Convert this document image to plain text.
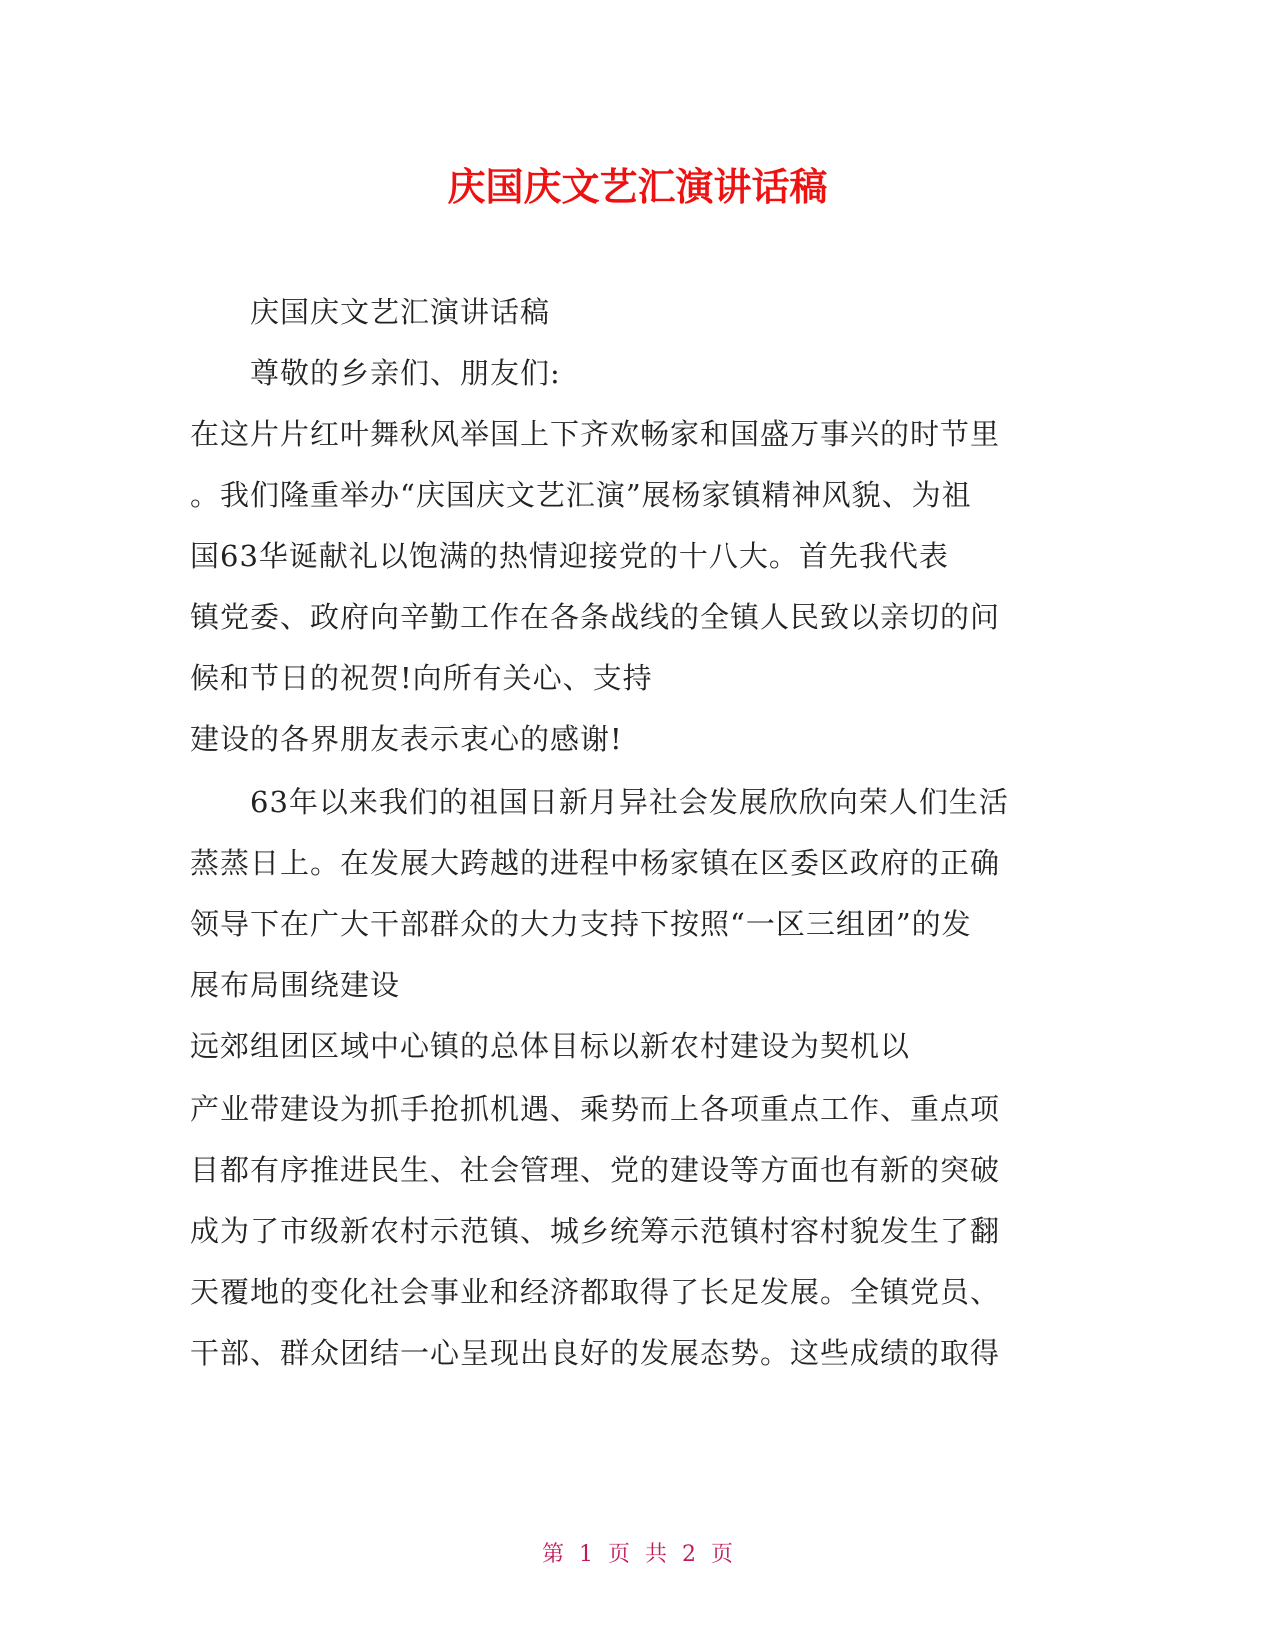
庆国庆文艺汇演讲话稿
庆国庆文艺汇演讲话稿
尊敬的乡亲们、朋友们:
在这片片红叶舞秋风举国上下齐欢畅家和国盛万事兴的时节里
。我们隆重举办“庆国庆文艺汇演”展杨家镇精神风貌、为祖
国63华诞献礼以饱满的热情迎接党的十八大。首先我代表
镇党委、政府向辛勤工作在各条战线的全镇人民致以亲切的问
候和节日的祝贺!向所有关心、支持
建设的各界朋友表示衷心的感谢!
63年以来我们的祖国日新月异社会发展欣欣向荣人们生活
蒸蒸日上。在发展大跨越的进程中杨家镇在区委区政府的正确
领导下在广大干部群众的大力支持下按照“一区三组团”的发
展布局围绕建设
远郊组团区域中心镇的总体目标以新农村建设为契机以
产业带建设为抓手抢抓机遇、乘势而上各项重点工作、重点项
目都有序推进民生、社会管理、党的建设等方面也有新的突破
成为了市级新农村示范镇、城乡统筹示范镇村容村貌发生了翻
天覆地的变化社会事业和经济都取得了长足发展。全镇党员、
干部、群众团结一心呈现出良好的发展态势。这些成绩的取得
第 1 页 共 2 页
